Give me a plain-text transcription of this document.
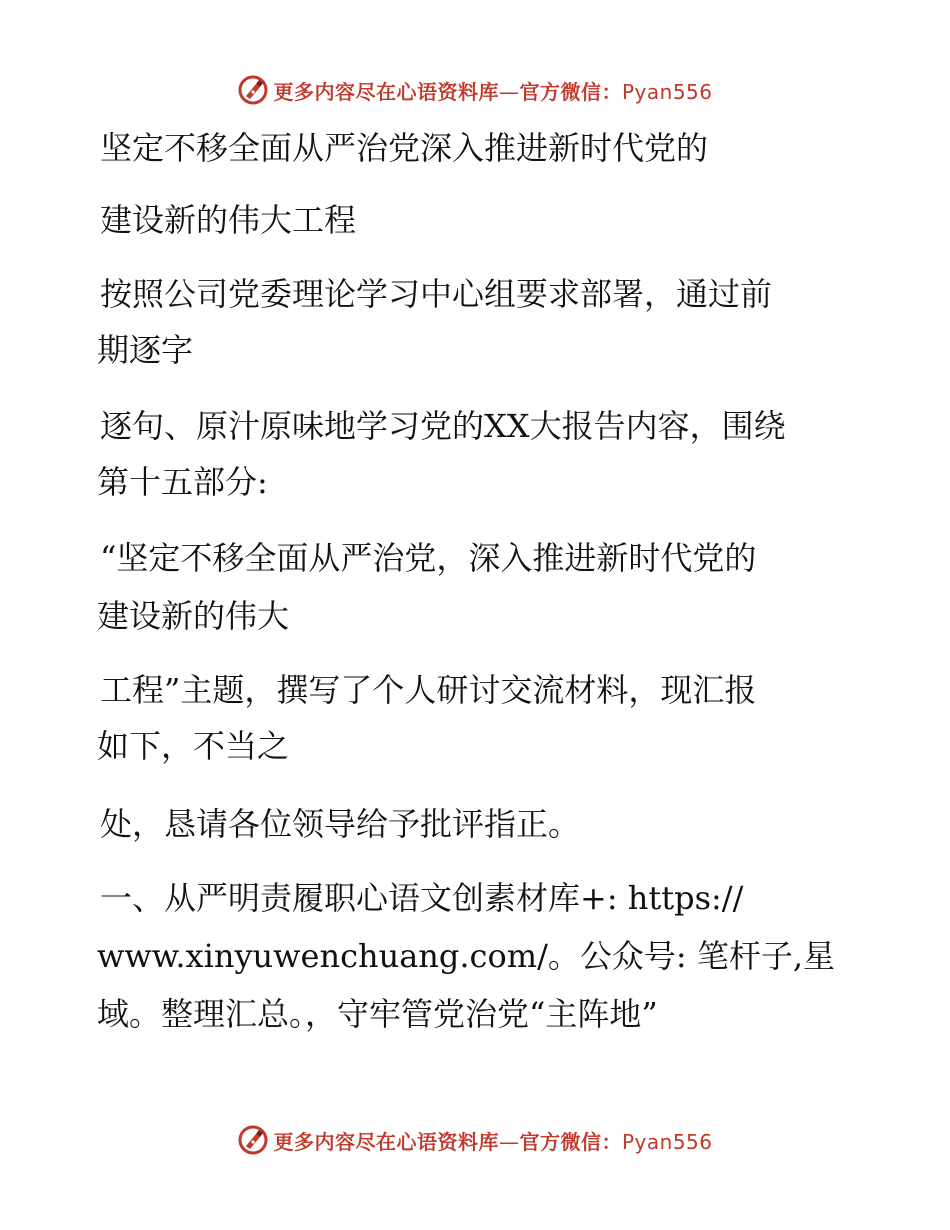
更多内容尽在心语资料库—官方微信：Pyan556
坚定不移全面从严治党深入推进新时代党的
建设新的伟大工程
按照公司党委理论学习中心组要求部署，通过前
期逐字
逐句、原汁原味地学习党的XX大报告内容，围绕
第十五部分:
“坚定不移全面从严治党，深入推进新时代党的
建设新的伟大
工程”主题，撰写了个人研讨交流材料，现汇报
如下，不当之
处，恳请各位领导给予批评指正。
一、从严明责履职心语文创素材库+: https://
www.xinyuwenchuang.com/。公众号: 笔杆子,星
域。整理汇总。，守牢管党治党“主阵地”
更多内容尽在心语资料库—官方微信：Pyan556
